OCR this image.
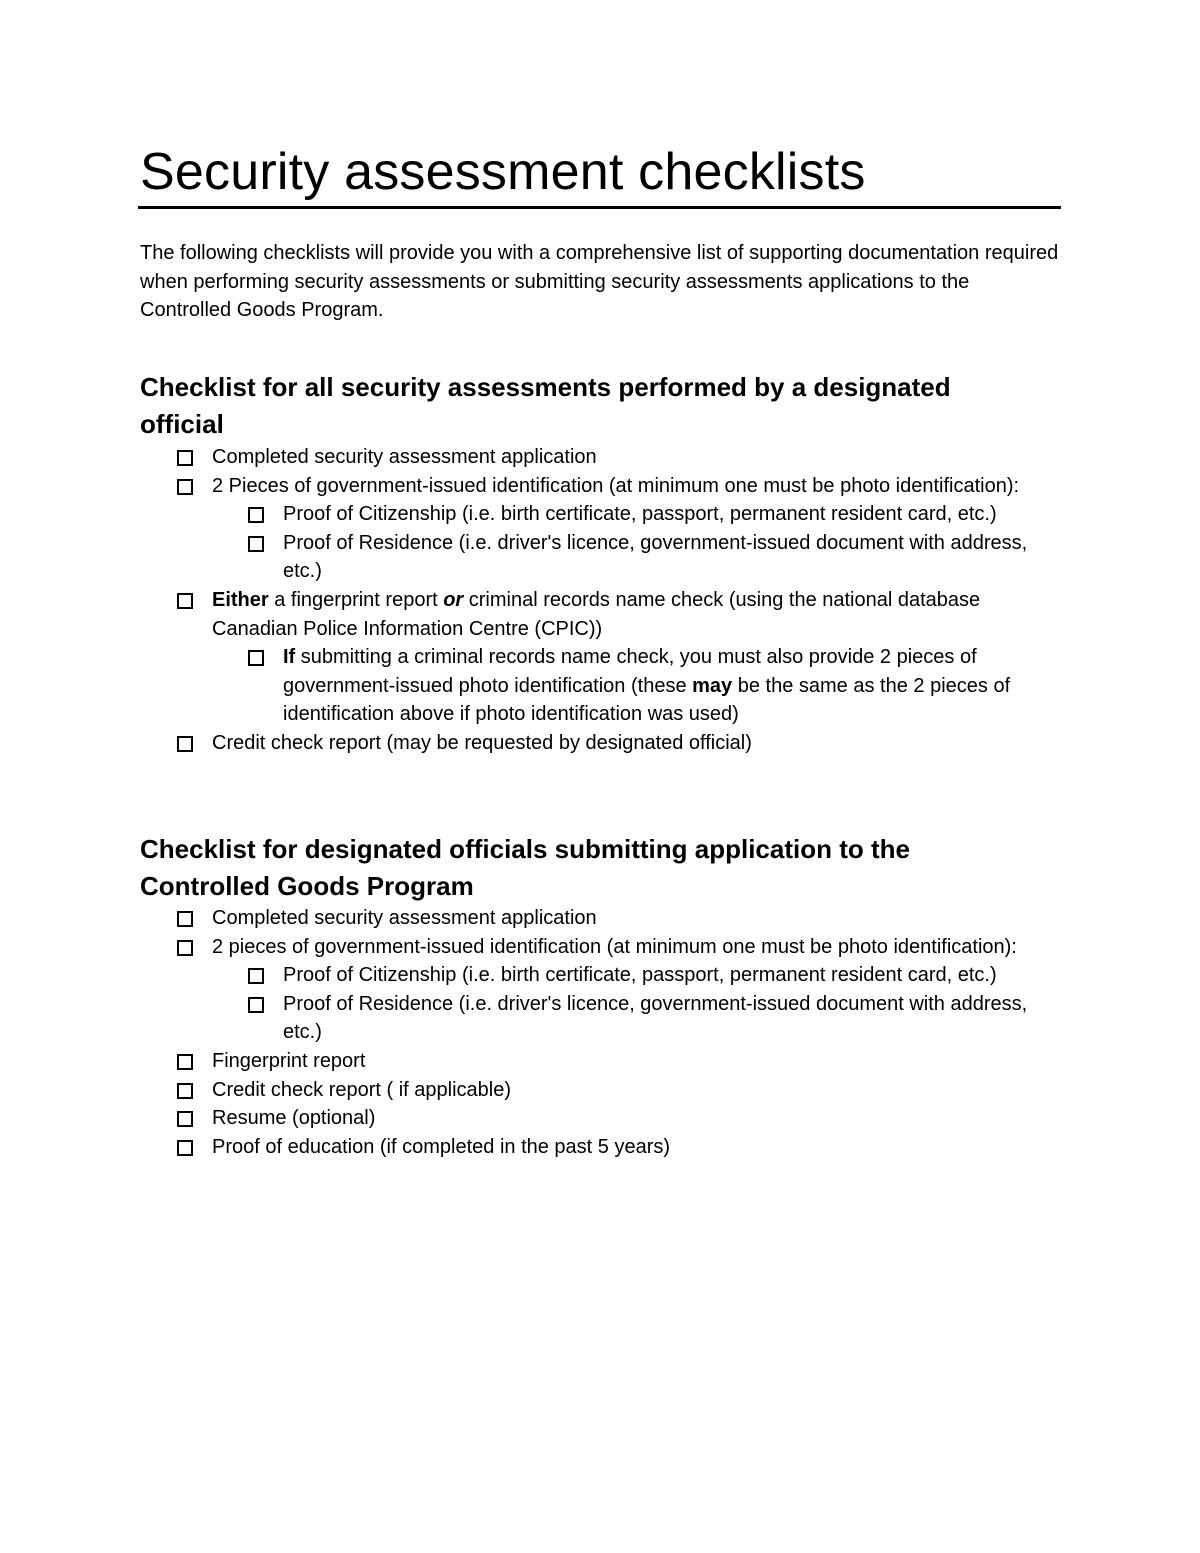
Security assessment checklists

The following checklists will provide you with a comprehensive list of supporting documentation required when performing security assessments or submitting security assessments applications to the Controlled Goods Program.

Checklist for all security assessments performed by a designated
official
Completed security assessment application
2 Pieces of government-issued identification (at minimum one must be photo identification):
Proof of Citizenship (i.e. birth certificate, passport, permanent resident card, etc.)
Proof of Residence (i.e. driver's licence, government-issued document with address, etc.)
Either a fingerprint report or criminal records name check (using the national database Canadian Police Information Centre (CPIC))
If submitting a criminal records name check, you must also provide 2 pieces of government-issued photo identification (these may be the same as the 2 pieces of identification above if photo identification was used)
Credit check report (may be requested by designated official)
Checklist for designated officials submitting application to the
Controlled Goods Program
Completed security assessment application
2 pieces of government-issued identification (at minimum one must be photo identification):
Proof of Citizenship (i.e. birth certificate, passport, permanent resident card, etc.)
Proof of Residence (i.e. driver's licence, government-issued document with address, etc.)
Fingerprint report
Credit check report ( if applicable)
Resume (optional)
Proof of education (if completed in the past 5 years)
